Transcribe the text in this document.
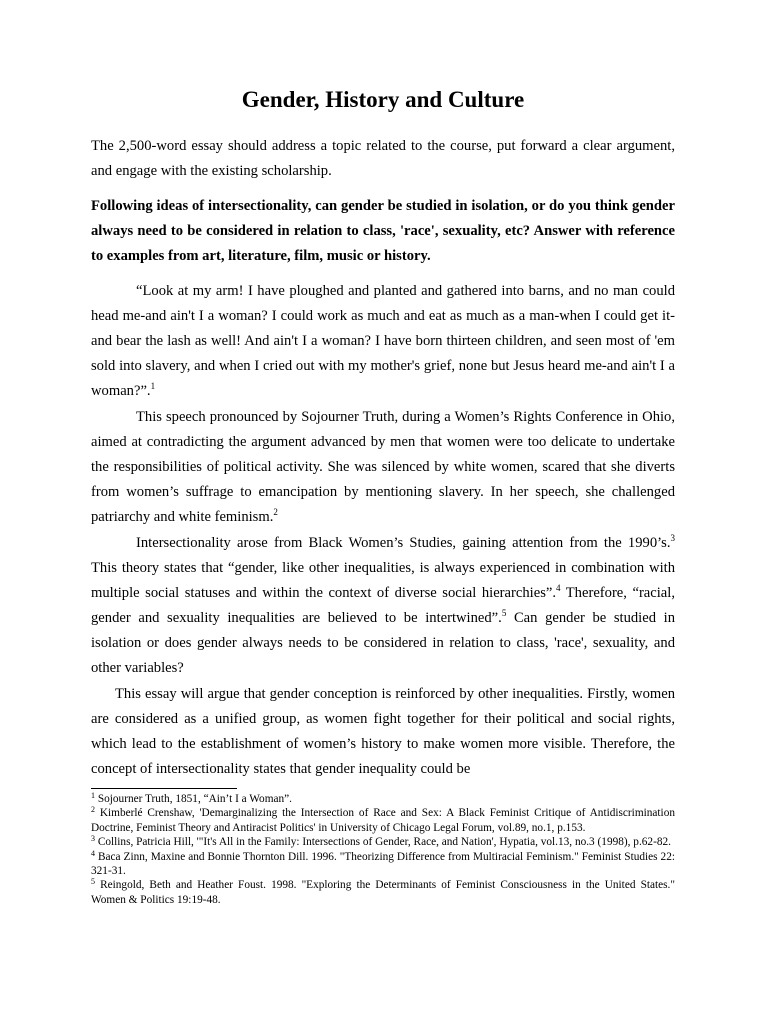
Gender, History and Culture

The 2,500-word essay should address a topic related to the course, put forward a clear argument, and engage with the existing scholarship.

Following ideas of intersectionality, can gender be studied in isolation, or do you think gender always need to be considered in relation to class, 'race', sexuality, etc? Answer with reference to examples from art, literature, film, music or history.

“Look at my arm! I have ploughed and planted and gathered into barns, and no man could head me-and ain't I a woman? I could work as much and eat as much as a man-when I could get it-and bear the lash as well! And ain't I a woman? I have born thirteen children, and seen most of 'em sold into slavery, and when I cried out with my mother's grief, none but Jesus heard me-and ain't I a woman?”.$^1$

This speech pronounced by Sojourner Truth, during a Women’s Rights Conference in Ohio, aimed at contradicting the argument advanced by men that women were too delicate to undertake the responsibilities of political activity. She was silenced by white women, scared that she diverts from women’s suffrage to emancipation by mentioning slavery. In her speech, she challenged patriarchy and white feminism.$^2$

Intersectionality arose from Black Women’s Studies, gaining attention from the 1990’s.$^3$ This theory states that “gender, like other inequalities, is always experienced in combination with multiple social statuses and within the context of diverse social hierarchies”.$^4$ Therefore, “racial, gender and sexuality inequalities are believed to be intertwined”.$^5$ Can gender be studied in isolation or does gender always needs to be considered in relation to class, 'race', sexuality, and other variables?

This essay will argue that gender conception is reinforced by other inequalities. Firstly, women are considered as a unified group, as women fight together for their political and social rights, which lead to the establishment of women’s history to make women more visible. Therefore, the concept of intersectionality states that gender inequality could be

$^1$ Sojourner Truth, 1851, “Ain’t I a Woman”.

$^2$ Kimberlé Crenshaw, 'Demarginalizing the Intersection of Race and Sex: A Black Feminist Critique of Antidiscrimination Doctrine, Feminist Theory and Antiracist Politics' in University of Chicago Legal Forum, vol.89, no.1, p.153.

$^3$ Collins, Patricia Hill, '"It's All in the Family: Intersections of Gender, Race, and Nation', Hypatia, vol.13, no.3 (1998), p.62-82.

$^4$ Baca Zinn, Maxine and Bonnie Thornton Dill. 1996. "Theorizing Difference from Multiracial Feminism." Feminist Studies 22: 321-31.

$^5$ Reingold, Beth and Heather Foust. 1998. "Exploring the Determinants of Feminist Consciousness in the United States." Women & Politics 19:19-48.
